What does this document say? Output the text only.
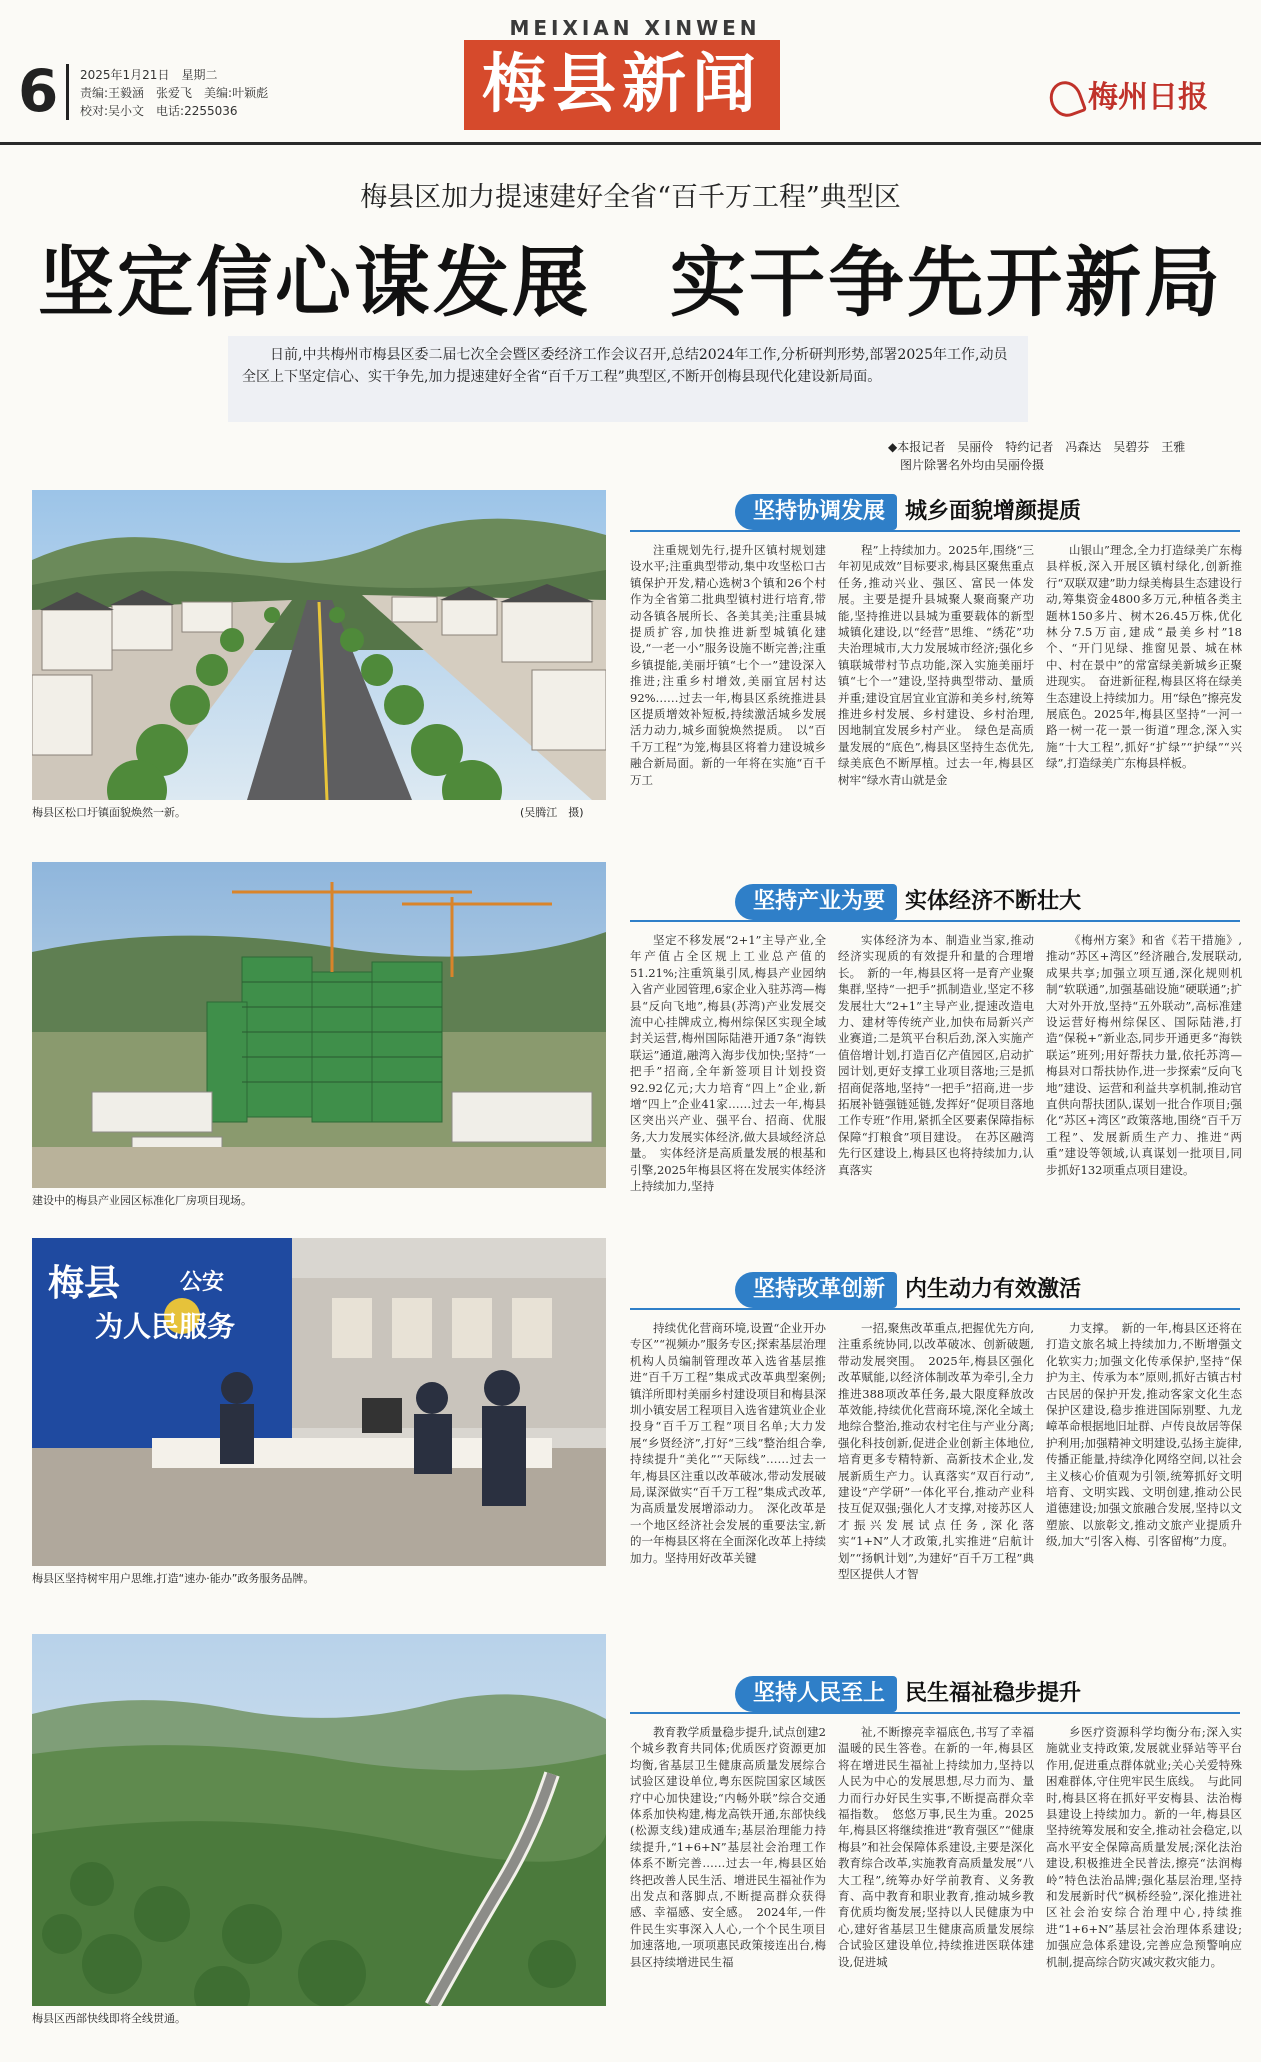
6 2025年1月21日　星期二
责编:王毅涵　张爱飞　美编:叶颖彪
校对:吴小文　电话:2255036
MEIXIAN XINWEN
梅县新闻	梅州日报
梅县区加力提速建好全省“百千万工程”典型区
坚定信心谋发展　实干争先开新局
日前,中共梅州市梅县区委二届七次全会暨区委经济工作会议召开,总结2024年工作,分析研判形势,部署2025年工作,动员全区上下坚定信心、实干争先,加力提速建好全省“百千万工程”典型区,不断开创梅县现代化建设新局面。
◆本报记者　吴丽伶　特约记者　冯森达　吴碧芬　王雅
图片除署名外均由吴丽伶摄
梅县区松口圩镇面貌焕然一新。	(吴腾江　摄)
建设中的梅县产业园区标准化厂房项目现场。
梅县	公安
为人民服务
梅县区坚持树牢用户思维,打造“速办·能办”政务服务品牌。
梅县区西部快线即将全线贯通。
坚持协调发展 城乡面貌增颜提质

注重规划先行,提升区镇村规划建设水平;注重典型带动,集中攻坚松口古镇保护开发,精心选树3个镇和26个村作为全省第二批典型镇村进行培育,带动各镇各展所长、各美其美;注重县城提质扩容,加快推进新型城镇化建设,“一老一小”服务设施不断完善;注重乡镇提能,美丽圩镇“七个一”建设深入推进;注重乡村增效,美丽宜居村达92%……过去一年,梅县区系统推进县区提质增效补短板,持续激活城乡发展活力动力,城乡面貌焕然提质。　以“百千万工程”为笼,梅县区将着力建设城乡融合新局面。新的一年将在实施“百千万工

程”上持续加力。2025年,围绕“三年初见成效”目标要求,梅县区聚焦重点任务,推动兴业、强区、富民一体发展。主要是提升县城聚人聚商聚产功能,坚持推进以县城为重要载体的新型城镇化建设,以“经营”思维、“绣花”功夫治理城市,大力发展城市经济;强化乡镇联城带村节点功能,深入实施美丽圩镇“七个一”建设,坚持典型带动、量质并重;建设宜居宜业宜游和美乡村,统筹推进乡村发展、乡村建设、乡村治理,因地制宜发展乡村产业。　绿色是高质量发展的“底色”,梅县区坚持生态优先,绿美底色不断厚植。过去一年,梅县区树牢“绿水青山就是金

山银山”理念,全力打造绿美广东梅县样板,深入开展区镇村绿化,创新推行“双联双建”助力绿美梅县生态建设行动,筹集资金4800多万元,种植各类主题林150多片、树木26.45万株,优化林分7.5万亩,建成“最美乡村”18个、“开门见绿、推窗见景、城在林中、村在景中”的常富绿美新城乡正聚进现实。　奋进新征程,梅县区将在绿美生态建设上持续加力。用“绿色”擦亮发展底色。2025年,梅县区坚持“一河一路一树一花一景一街道”理念,深入实施“十大工程”,抓好“扩绿”“护绿”“兴绿”,打造绿美广东梅县样板。

坚持产业为要 实体经济不断壮大

坚定不移发展“2+1”主导产业,全年产值占全区规上工业总产值的51.21%;注重筑巢引凤,梅县产业园纳入省产业园管理,6家企业入驻苏湾—梅县“反向飞地”,梅县(苏湾)产业发展交流中心挂牌成立,梅州综保区实现全域封关运营,梅州国际陆港开通7条“海铁联运”通道,融湾入海步伐加快;坚持“一把手”招商,全年新签项目计划投资92.92亿元;大力培育“四上”企业,新增“四上”企业41家……过去一年,梅县区突出兴产业、强平台、招商、优服务,大力发展实体经济,做大县域经济总量。　实体经济是高质量发展的根基和引擎,2025年梅县区将在发展实体经济上持续加力,坚持

实体经济为本、制造业当家,推动经济实现质的有效提升和量的合理增长。　新的一年,梅县区将一是育产业聚集群,坚持“一把手”抓制造业,坚定不移发展壮大“2+1”主导产业,提速改造电力、建材等传统产业,加快布局新兴产业赛道;二是筑平台积后劲,深入实施产值倍增计划,打造百亿产值园区,启动扩园计划,更好支撑工业项目落地;三是抓招商促落地,坚持“一把手”招商,进一步拓展补链强链延链,发挥好“促项目落地工作专班”作用,紧抓全区要素保障指标保障“打粮食”项目建设。　在苏区融湾先行区建设上,梅县区也将持续加力,认真落实

《梅州方案》和省《若干措施》,推动“苏区+湾区”经济融合,发展联动,成果共享;加强立项互通,深化规则机制“软联通”,加强基础设施“硬联通”;扩大对外开放,坚持“五外联动”,高标准建设运营好梅州综保区、国际陆港,打造“保税+”新业态,同步开通更多“海铁联运”班列;用好帮扶力量,依托苏湾—梅县对口帮扶协作,进一步探索“反向飞地”建设、运营和利益共享机制,推动官直供向帮扶团队,谋划一批合作项目;强化“苏区+湾区”政策落地,围绕“百千万工程”、发展新质生产力、推进“两重”建设等领域,认真谋划一批项目,同步抓好132项重点项目建设。

坚持改革创新 内生动力有效激活

持续优化营商环境,设置“企业开办专区”“视频办”服务专区;探索基层治理机构人员编制管理改革入选省基层推进“百千万工程”集成式改革典型案例;镇洋所即村美丽乡村建设项目和梅县深圳小镇安居工程项目入选省建筑业企业投身“百千万工程”项目名单;大力发展“乡贤经济”,打好“三线”整治组合拳,持续提升“美化”“天际线”……过去一年,梅县区注重以改革破冰,带动发展破局,谋深做实“百千万工程”集成式改革,为高质量发展增添动力。　深化改革是一个地区经济社会发展的重要法宝,新的一年梅县区将在全面深化改革上持续加力。坚持用好改革关键

一招,聚焦改革重点,把握优先方向,注重系统协同,以改革破冰、创新破题,带动发展突围。　2025年,梅县区强化改革赋能,以经济体制改革为牵引,全力推进388项改革任务,最大限度释放改革效能,持续优化营商环境,深化全域土地综合整治,推动农村宅住与产业分离;强化科技创新,促进企业创新主体地位,培育更多专精特新、高新技术企业,发展新质生产力。认真落实“双百行动”,建设“产学研”一体化平台,推动产业科技互促双强;强化人才支撑,对接苏区人才振兴发展试点任务,深化落实“1+N”人才政策,扎实推进“启航计划”“扬帆计划”,为建好“百千万工程”典型区提供人才智

力支撑。　新的一年,梅县区还将在打造文旅名城上持续加力,不断增强文化软实力;加强文化传承保护,坚持“保护为主、传承为本”原则,抓好古镇古村古民居的保护开发,推动客家文化生态保护区建设,稳步推进国际别墅、九龙嶂革命根据地旧址群、卢传良故居等保护利用;加强精神文明建设,弘扬主旋律,传播正能量,持续净化网络空间,以社会主义核心价值观为引领,统筹抓好文明培育、文明实践、文明创建,推动公民道德建设;加强文旅融合发展,坚持以文塑旅、以旅彰文,推动文旅产业提质升级,加大“引客入梅、引客留梅”力度。

坚持人民至上 民生福祉稳步提升

教育教学质量稳步提升,试点创建2个城乡教育共同体;优质医疗资源更加均衡,省基层卫生健康高质量发展综合试验区建设单位,粤东医院国家区域医疗中心加快建设;“内畅外联”综合交通体系加快构建,梅龙高铁开通,东部快线(松源支线)建成通车;基层治理能力持续提升,“1+6+N”基层社会治理工作体系不断完善……过去一年,梅县区始终把改善人民生活、增进民生福祉作为出发点和落脚点,不断提高群众获得感、幸福感、安全感。　2024年,一件件民生实事深入人心,一个个民生项目加速落地,一项项惠民政策接连出台,梅县区持续增进民生福

祉,不断擦亮幸福底色,书写了幸福温暖的民生答卷。在新的一年,梅县区将在增进民生福祉上持续加力,坚持以人民为中心的发展思想,尽力而为、量力而行办好民生实事,不断提高群众幸福指数。　悠悠万事,民生为重。2025年,梅县区将继续推进“教育强区”“健康梅县”和社会保障体系建设,主要是深化教育综合改革,实施教育高质量发展“八大工程”,统筹办好学前教育、义务教育、高中教育和职业教育,推动城乡教育优质均衡发展;坚持以人民健康为中心,建好省基层卫生健康高质量发展综合试验区建设单位,持续推进医联体建设,促进城

乡医疗资源科学均衡分布;深入实施就业支持政策,发展就业驿站等平台作用,促进重点群体就业;关心关爱特殊困难群体,守住兜牢民生底线。　与此同时,梅县区将在抓好平安梅县、法治梅县建设上持续加力。新的一年,梅县区坚持统筹发展和安全,推动社会稳定,以高水平安全保障高质量发展;深化法治建设,积极推进全民普法,擦亮“法润梅岭”特色法治品牌;强化基层治理,坚持和发展新时代“枫桥经验”,深化推进社区社会治安综合治理中心,持续推进“1+6+N”基层社会治理体系建设;加强应急体系建设,完善应急预警响应机制,提高综合防灾减灾救灾能力。
